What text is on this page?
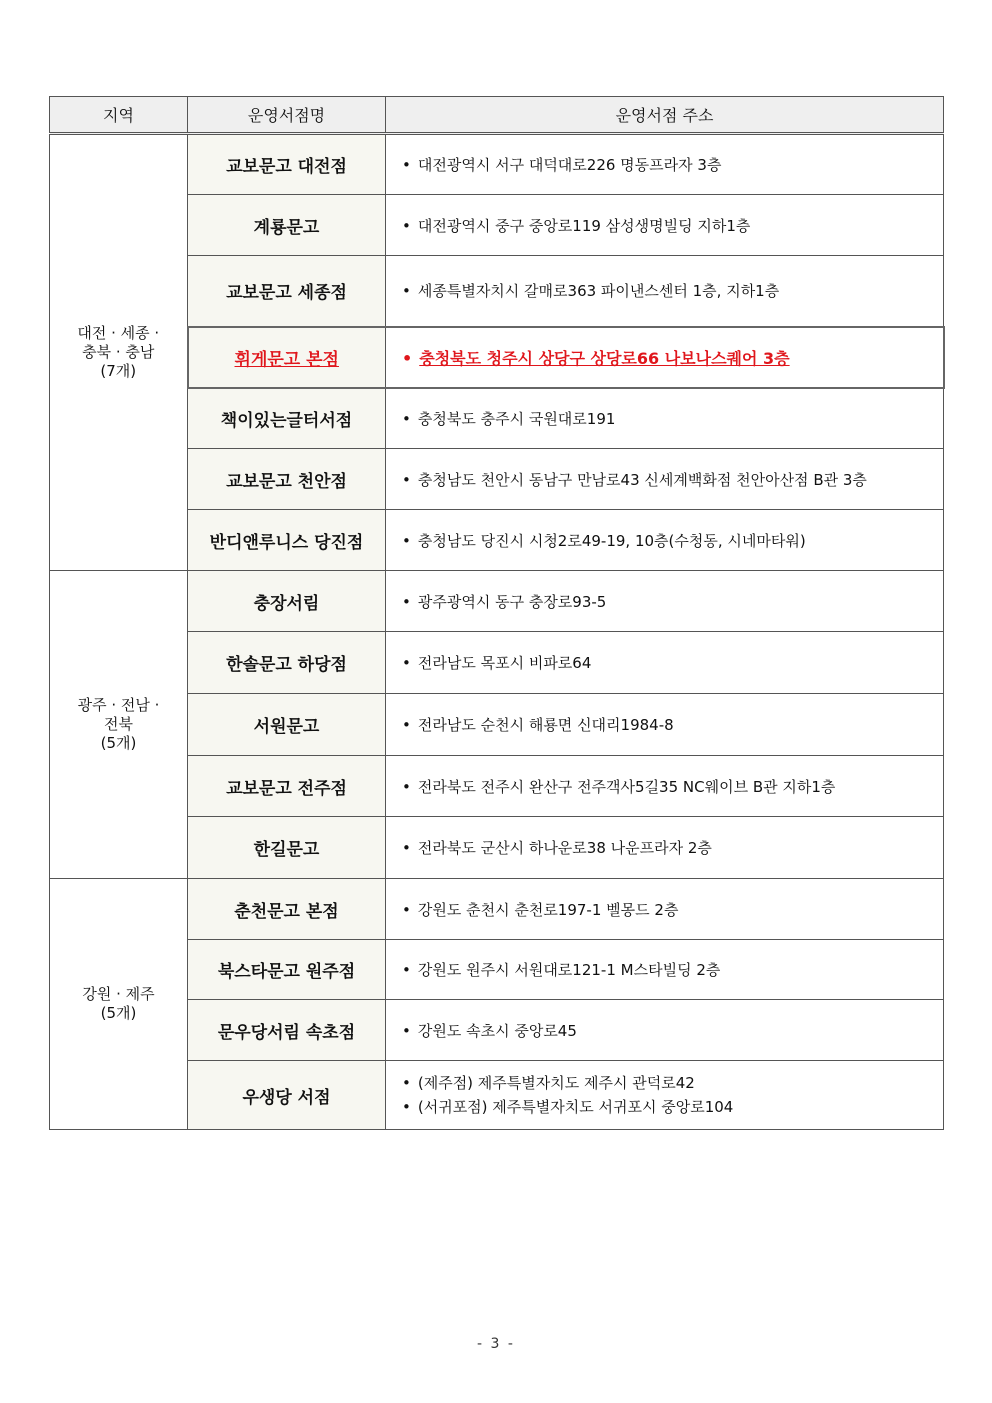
지역	운영서점명	운영서점 주소

대전 · 세종 ·
충북 · 충남
(7개)	교보문고 대전점	• 대전광역시 서구 대덕대로226 명동프라자 3층
	계룡문고	• 대전광역시 중구 중앙로119 삼성생명빌딩 지하1층
	교보문고 세종점	• 세종특별자치시 갈매로363 파이낸스센터 1층, 지하1층
	휘게문고 본점	• 충청북도 청주시 상당구 상당로66 나보나스퀘어 3층
	책이있는글터서점	• 충청북도 충주시 국원대로191
	교보문고 천안점	• 충청남도 천안시 동남구 만남로43 신세계백화점 천안아산점 B관 3층
	반디앤루니스 당진점	• 충청남도 당진시 시청2로49-19, 10층(수청동, 시네마타워)

광주 · 전남 ·
전북
(5개)	충장서림	• 광주광역시 동구 충장로93-5
	한솔문고 하당점	• 전라남도 목포시 비파로64
	서원문고	• 전라남도 순천시 해룡면 신대리1984-8
	교보문고 전주점	• 전라북도 전주시 완산구 전주객사5길35 NC웨이브 B관 지하1층
	한길문고	• 전라북도 군산시 하나운로38 나운프라자 2층

강원 · 제주
(5개)	춘천문고 본점	• 강원도 춘천시 춘천로197-1 벨몽드 2층
	북스타문고 원주점	• 강원도 원주시 서원대로121-1 M스타빌딩 2층
	문우당서림 속초점	• 강원도 속초시 중앙로45
	우생당 서점	• (제주점) 제주특별자치도 제주시 관덕로42
• (서귀포점) 제주특별자치도 서귀포시 중앙로104
- 3 -
